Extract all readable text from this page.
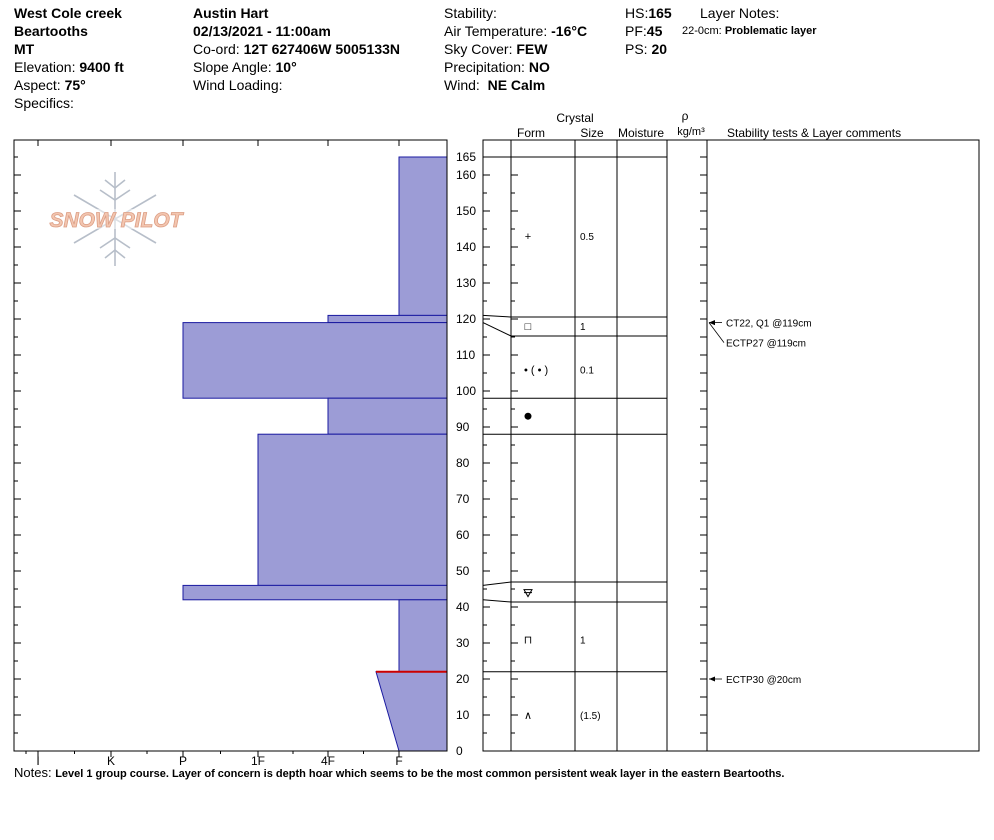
West Cole creek
Beartooths
MT
Elevation: 9400 ft
Aspect: 75°
Specifics:
Austin Hart
02/13/2021 - 11:00am
Co-ord: 12T 627406W 5005133N
Slope Angle: 10°
Wind Loading:
Stability:
Air Temperature: -16°C
Sky Cover: FEW
Precipitation: NO
Wind: NE Calm
HS:165
PF:45
PS: 20
Layer Notes:
22-0cm: Problematic layer
SNOW PILOT
I	K	P	1F	4F	F
0
10
20
30
40
50
60
70
80
90
100
110
120
130
140
150
160
165
+	0.5
□	1
• ( • )	0.1
⊓	1
∧	(1.5)
CT22, Q1 @119cm
ECTP27 @119cm
ECTP30 @20cm
Crystal
Form	Size Moisture
ρ
kg/m³ Stability tests & Layer comments
Notes: Level 1 group course. Layer of concern is depth hoar which seems to be the most common persistent weak layer in the eastern Beartooths.
